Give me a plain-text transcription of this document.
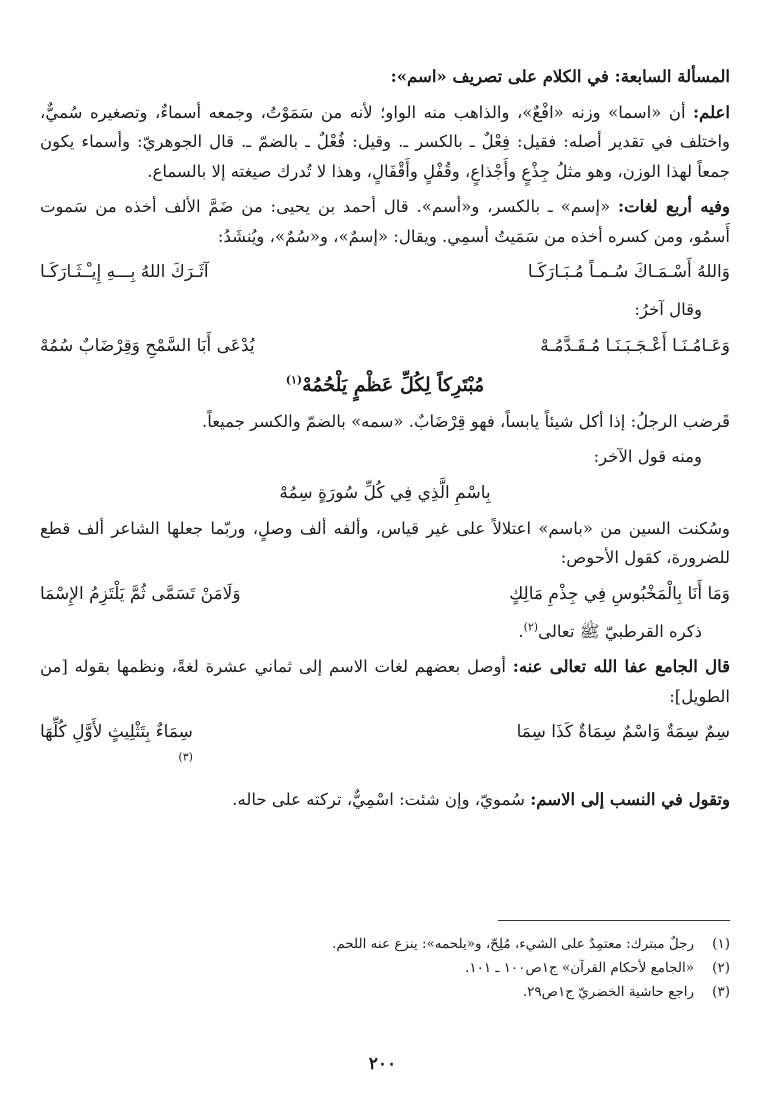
المسألة السابعة: في الكلام على تصريف «اسم»:

اعلم: أن «اسما» وزنه «افْعٌ»، والذاهب منه الواو؛ لأنه من سَمَوْتُ، وجمعه أسماءٌ، وتصغيره سُميٌّ، واختلف في تقدير أصله: فقيل: فِعْلٌ ـ بالكسر ـ. وقيل: فُعْلٌ ـ بالضمّ ـ. قال الجوهريّ: وأسماء يكون جمعاً لهذا الوزن، وهو مثلُ جِذْعٍ وأَجْذاعٍ، وقُفْلٍ وأَقْفَالٍ، وهذا لا تُدرك صيغته إلا بالسماع.

وفيه أربع لغات: «إسم» ـ بالكسر، و«أسم». قال أحمد بن يحيى: من ضَمَّ الألف أخذه من سَموت أَسمُو، ومن كسره أخذه من سَمَيتُ أسمِي. ويقال: «إسمٌ»، و«سُمٌ»، ويُنشَدُ:

وَاللهُ أَسْـمَـاكَ سُـمـاً مُـبَـارَكَـا
آثَـرَكَ اللهُ بِـــهِ إِيـْـثَـارَكَـا

وقال آخرُ:

وَعَـامُـنَـا أَعْـجَـبَـنَـا مُـقَـدَّمُـهْ
يُدْعَى أَبَا السَّمْحِ وَقِرْضَابٌ سُمُهْ
مُبْتَرِكاً لِكُلِّ عَظْمٍ يَلْحُمُهْ$^{(١)}$

قَرضب الرجلُ: إذا أكل شيئاً يابساً، فهو قِرْضَابٌ. «سمه» بالضمّ والكسر جميعاً.

ومنه قول الآخر:

بِاسْمِ الَّذِي فِي كُلِّ سُورَةٍ سِمُهْ

وسُكنت السين من «باسم» اعتلالاً على غير قياس، وألفه ألف وصلٍ، وربّما جعلها الشاعر ألف قطع للضرورة، كقول الأحوص:

وَمَا أَنَا بِالْمَخْبُوسِ فِي جِذْمِ مَالِكٍ
وَلَامَنْ تَسَمَّى ثُمَّ يَلْتَزِمُ الإِسْمَا

ذكره القرطبيّ ﷺ تعالى$^{(٢)}$.

قال الجامع عفا الله تعالى عنه: أوصل بعضهم لغات الاسم إلى ثماني عشرة لغةً، ونظمها بقوله [من الطويل]:

سِمٌ سِمَةٌ وَاسْمٌ سِمَاةٌ كَذَا سِمَا
سِمَاءٌ بِتَثْلِيثٍ لأَوَّلِ كُلِّهَا
$^{(٣)}$

وتقول في النسب إلى الاسم: سُمويّ، وإن شئت: اسْمِيٌّ، تركته على حاله.

(١)
رجلٌ مبترك: معتمِدٌ على الشيء، مُلِحّ، و«يلحمه»: ينزع عنه اللحم.
(٢)
«الجامع لأحكام القرآن» ج١ص١٠٠ ـ ١٠١.
(٣)
راجع حاشية الخضريّ ج١ص٢٩.
٢٠٠
